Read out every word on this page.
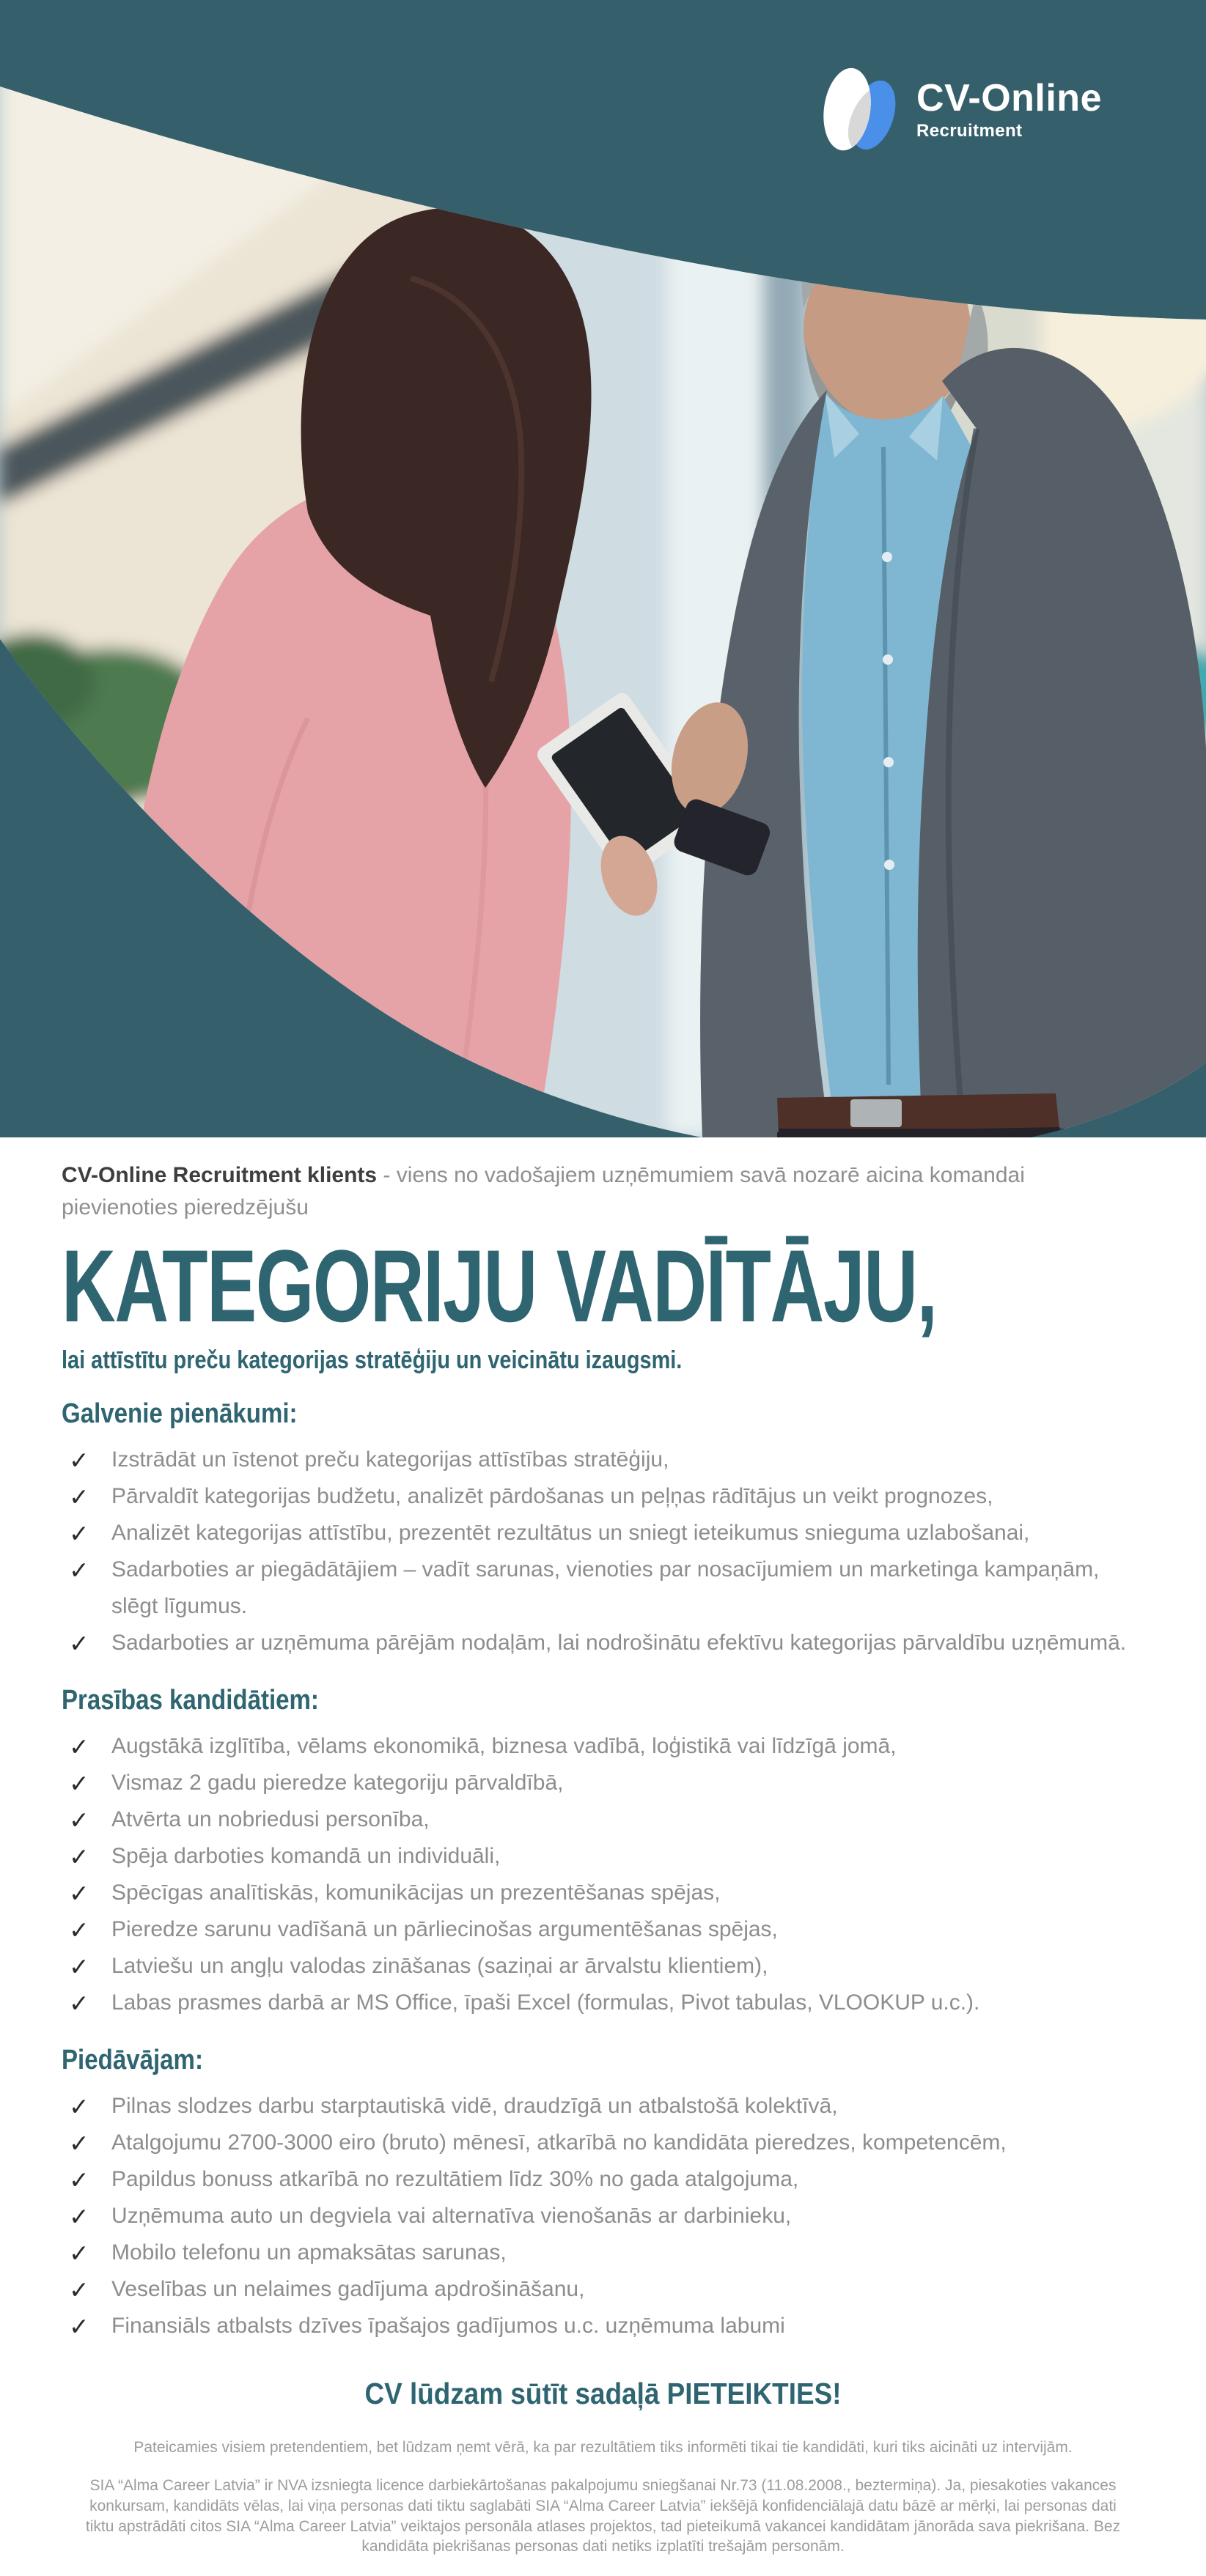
CV-Online
Recruitment

CV-Online Recruitment klients - viens no vadošajiem uzņēmumiem savā nozarē aicina komandai pievienoties pieredzējušu

KATEGORIJU VADĪTĀJU,
lai attīstītu preču kategorijas stratēģiju un veicinātu izaugsmi.
Galvenie pienākumi:
✓ Izstrādāt un īstenot preču kategorijas attīstības stratēģiju,
✓ Pārvaldīt kategorijas budžetu, analizēt pārdošanas un peļņas rādītājus un veikt prognozes,
✓ Analizēt kategorijas attīstību, prezentēt rezultātus un sniegt ieteikumus snieguma uzlabošanai,
✓ Sadarboties ar piegādātājiem – vadīt sarunas, vienoties par nosacījumiem un marketinga kampaņām, slēgt līgumus.
✓ Sadarboties ar uzņēmuma pārējām nodaļām, lai nodrošinātu efektīvu kategorijas pārvaldību uzņēmumā.
Prasības kandidātiem:
✓ Augstākā izglītība, vēlams ekonomikā, biznesa vadībā, loģistikā vai līdzīgā jomā,
✓ Vismaz 2 gadu pieredze kategoriju pārvaldībā,
✓ Atvērta un nobriedusi personība,
✓ Spēja darboties komandā un individuāli,
✓ Spēcīgas analītiskās, komunikācijas un prezentēšanas spējas,
✓ Pieredze sarunu vadīšanā un pārliecinošas argumentēšanas spējas,
✓ Latviešu un angļu valodas zināšanas (saziņai ar ārvalstu klientiem),
✓ Labas prasmes darbā ar MS Office, īpaši Excel (formulas, Pivot tabulas, VLOOKUP u.c.).
Piedāvājam:
✓ Pilnas slodzes darbu starptautiskā vidē, draudzīgā un atbalstošā kolektīvā,
✓ Atalgojumu 2700-3000 eiro (bruto) mēnesī, atkarībā no kandidāta pieredzes, kompetencēm,
✓ Papildus bonuss atkarībā no rezultātiem līdz 30% no gada atalgojuma,
✓ Uzņēmuma auto un degviela vai alternatīva vienošanās ar darbinieku,
✓ Mobilo telefonu un apmaksātas sarunas,
✓ Veselības un nelaimes gadījuma apdrošināšanu,
✓ Finansiāls atbalsts dzīves īpašajos gadījumos u.c. uzņēmuma labumi
CV lūdzam sūtīt sadaļā PIETEIKTIES!

Pateicamies visiem pretendentiem, bet lūdzam ņemt vērā, ka par rezultātiem tiks informēti tikai tie kandidāti, kuri tiks aicināti uz intervijām.

SIA “Alma Career Latvia” ir NVA izsniegta licence darbiekārtošanas pakalpojumu sniegšanai Nr.73 (11.08.2008., beztermiņa). Ja, piesakoties vakances konkursam, kandidāts vēlas, lai viņa personas dati tiktu saglabāti SIA “Alma Career Latvia” iekšējā konfidenciālajā datu bāzē ar mērķi, lai personas dati tiktu apstrādāti citos SIA “Alma Career Latvia” veiktajos personāla atlases projektos, tad pieteikumā vakancei kandidātam jānorāda sava piekrišana. Bez kandidāta piekrišanas personas dati netiks izplatīti trešajām personām.
